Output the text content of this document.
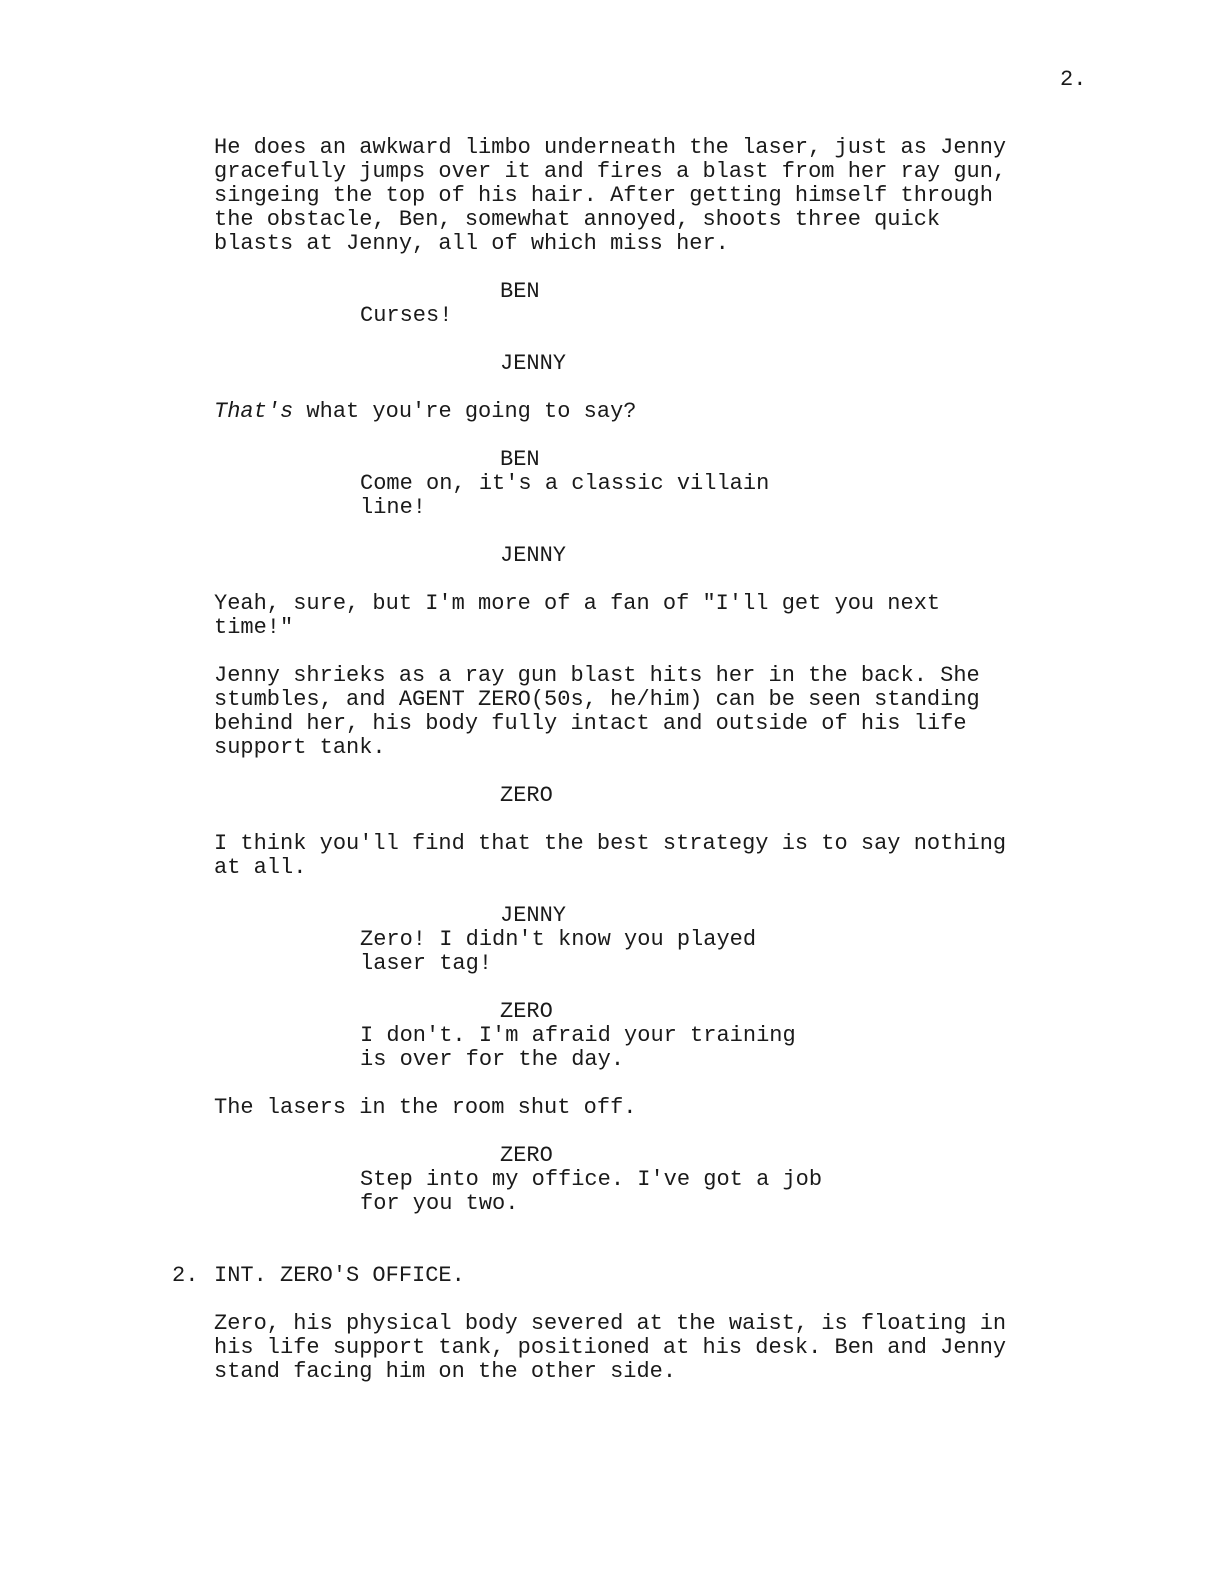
2.
He does an awkward limbo underneath the laser, just as Jenny
gracefully jumps over it and fires a blast from her ray gun,
singeing the top of his hair. After getting himself through
the obstacle, Ben, somewhat annoyed, shoots three quick
blasts at Jenny, all of which miss her.
BEN
Curses!
JENNY
That's what you're going to say?
BEN
Come on, it's a classic villain
line!
JENNY
Yeah, sure, but I'm more of a fan of "I'll get you next
time!"
Jenny shrieks as a ray gun blast hits her in the back. She
stumbles, and AGENT ZERO(50s, he/him) can be seen standing
behind her, his body fully intact and outside of his life
support tank.
ZERO
I think you'll find that the best strategy is to say nothing
at all.
JENNY
Zero! I didn't know you played
laser tag!
ZERO
I don't. I'm afraid your training
is over for the day.
The lasers in the room shut off.
ZERO
Step into my office. I've got a job
for you two.
2. INT. ZERO'S OFFICE.
Zero, his physical body severed at the waist, is floating in
his life support tank, positioned at his desk. Ben and Jenny
stand facing him on the other side.
